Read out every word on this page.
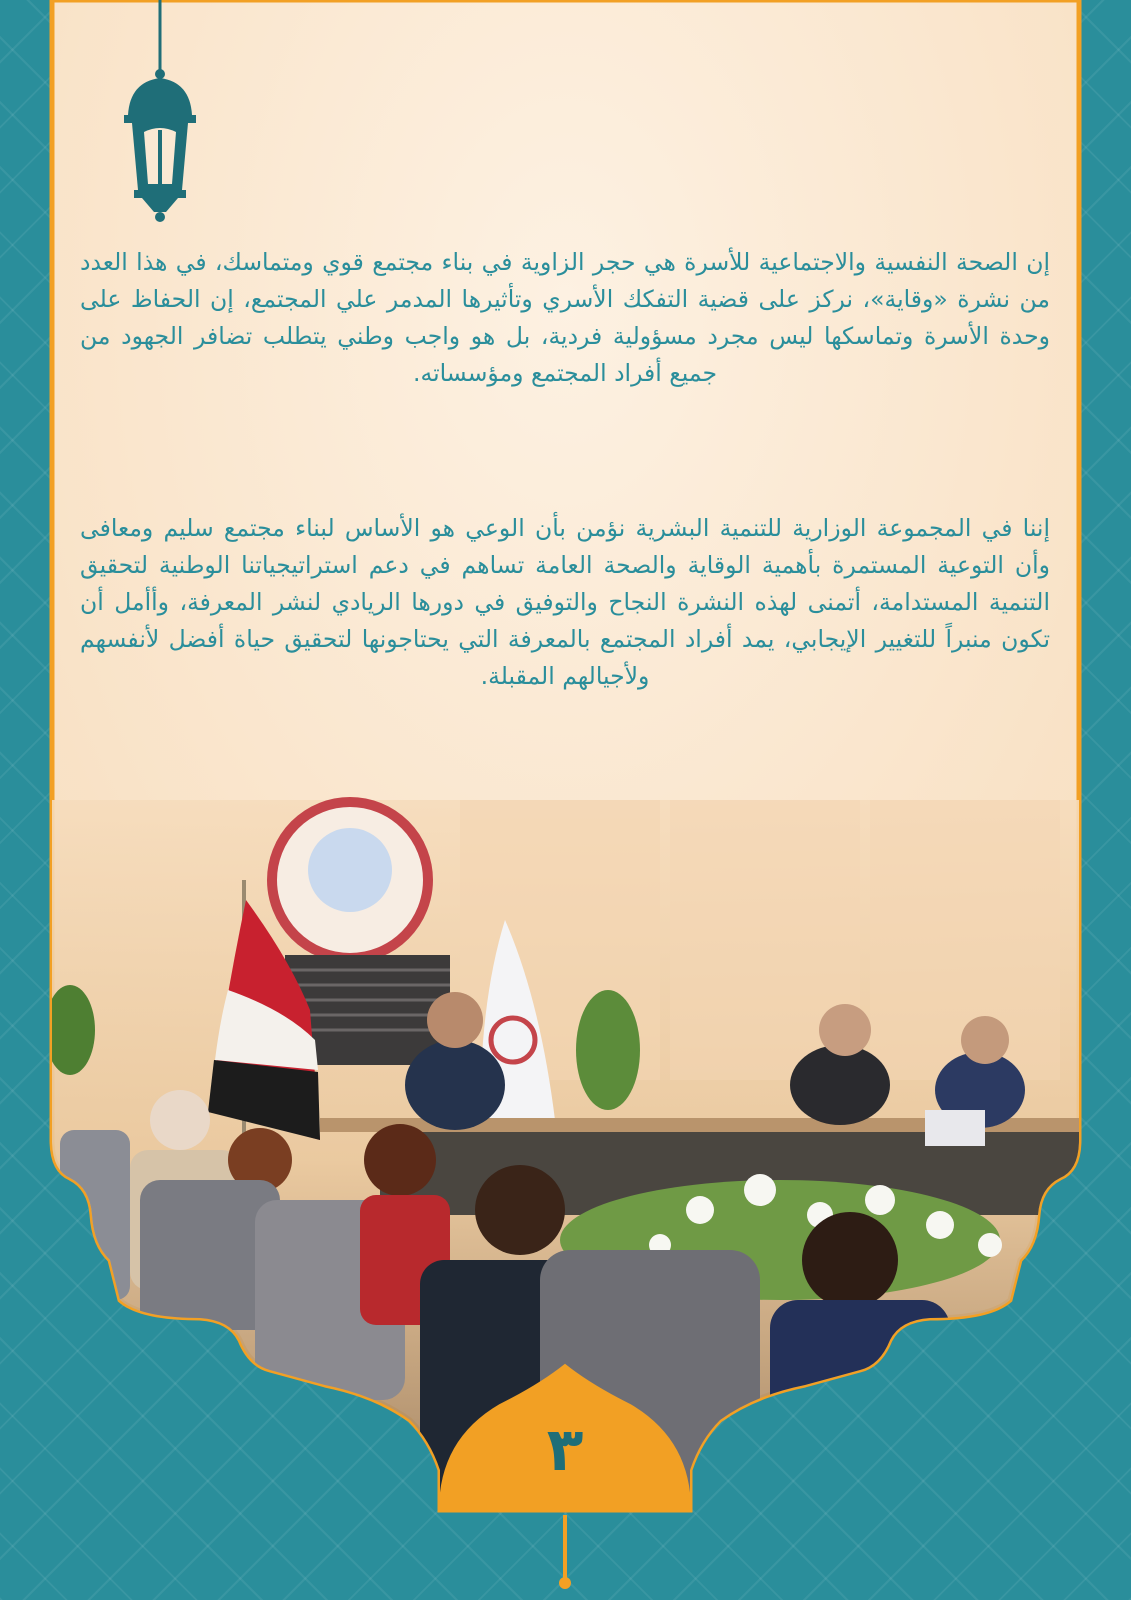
إن الصحة النفسية والاجتماعية للأسرة هي حجر الزاوية في بناء مجتمع قوي ومتماسك، في هذا العدد من نشرة «وقاية»، نركز على قضية التفكك الأسري وتأثيرها المدمر علي المجتمع، إن الحفاظ على وحدة الأسرة وتماسكها ليس مجرد مسؤولية فردية، بل هو واجب وطني يتطلب تضافر الجهود من جميع أفراد المجتمع ومؤسساته.

إننا في المجموعة الوزارية للتنمية البشرية نؤمن بأن الوعي هو الأساس لبناء مجتمع سليم ومعافى وأن التوعية المستمرة بأهمية الوقاية والصحة العامة تساهم في دعم استراتيجياتنا الوطنية لتحقيق التنمية المستدامة، أتمنى لهذه النشرة النجاح والتوفيق في دورها الريادي لنشر المعرفة، وأأمل أن تكون منبراً للتغيير الإيجابي، يمد أفراد المجتمع بالمعرفة التي يحتاجونها لتحقيق حياة أفضل لأنفسهم ولأجيالهم المقبلة.

٣
